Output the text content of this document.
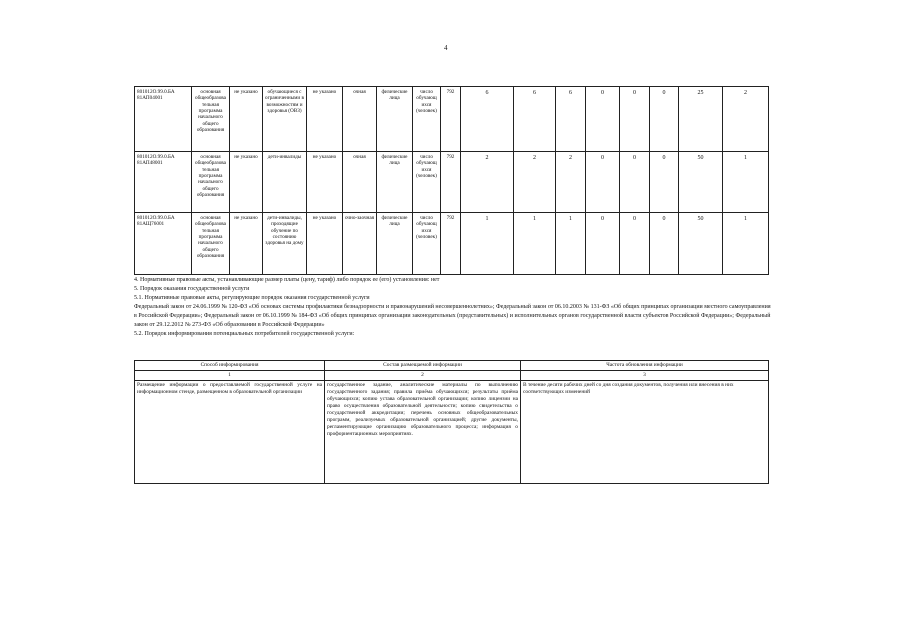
4
801012О.99.0.БА 81АП04001	основная общеобразова тельная программа начального общего образования	не указано	обучающиеся с ограниченными в возможностям и здоровья (ОВЗ)	не указано	очная	физические лица	число обучающ ихся (человек)	792	6	6	6	0	0	0	25	2
801012О.99.0.БА 81АП48001	основная общеобразова тельная программа начального общего образования	не указано	дети-инвалиды	не указано	очная	физические лица	число обучающ ихся (человек)	792	2	2	2	0	0	0	50	1
801012О.99.0.БА 81АЩ76001	основная общеобразова тельная программа начального общего образования	не указано	дети-инвалиды, проходящие обучение по состоянию здоровья на дому	не указано	очно-заочная	физические лица	число обучающ ихся (человек)	792	1	1	1	0	0	0	50	1

4. Нормативные правовые акты, устанавливающие размер платы (цену, тариф) либо порядок ее (его) установления: нет

5. Порядок оказания государственной услуги

5.1. Нормативные правовые акты, регулирующие порядок оказания государственной услуги

Федеральный закон от 24.06.1999 № 120-ФЗ «Об основах системы профилактики безнадзорности и правонарушений несовершеннолетних»; Федеральный закон от 06.10.2003 № 131-ФЗ «Об общих принципах организации местного самоуправления в Российской Федерации»; Федеральный закон от 06.10.1999 № 184-ФЗ «Об общих принципах организации законодательных (представительных) и исполнительных органов государственной власти субъектов Российской Федерации»; Федеральный закон от 29.12.2012 № 273-ФЗ «Об образовании в Российской Федерации»

5.2. Порядок информирования потенциальных потребителей государственной услуги:

Способ информирования	Состав размещаемой информации	Частота обновления информации
1	2	3
Размещение информации о предоставляемой государственной услуге на информационном стенде, размещенном в образовательной организации	государственное задание, аналитические материалы по выполнению государственного задания; правила приёма обучающихся; результаты приёма обучающихся; копию устава образовательной организации; копию лицензии на право осуществления образовательной деятельности; копию свидетельства о государственной аккредитации; перечень основных общеобразовательных программ, реализуемых образовательной организацией; другие документы, регламентирующие организацию образовательного процесса; информация о профориентационных мероприятиях.	В течение десяти рабочих дней со дня создания документов, получения или внесения в них соответствующих изменений
